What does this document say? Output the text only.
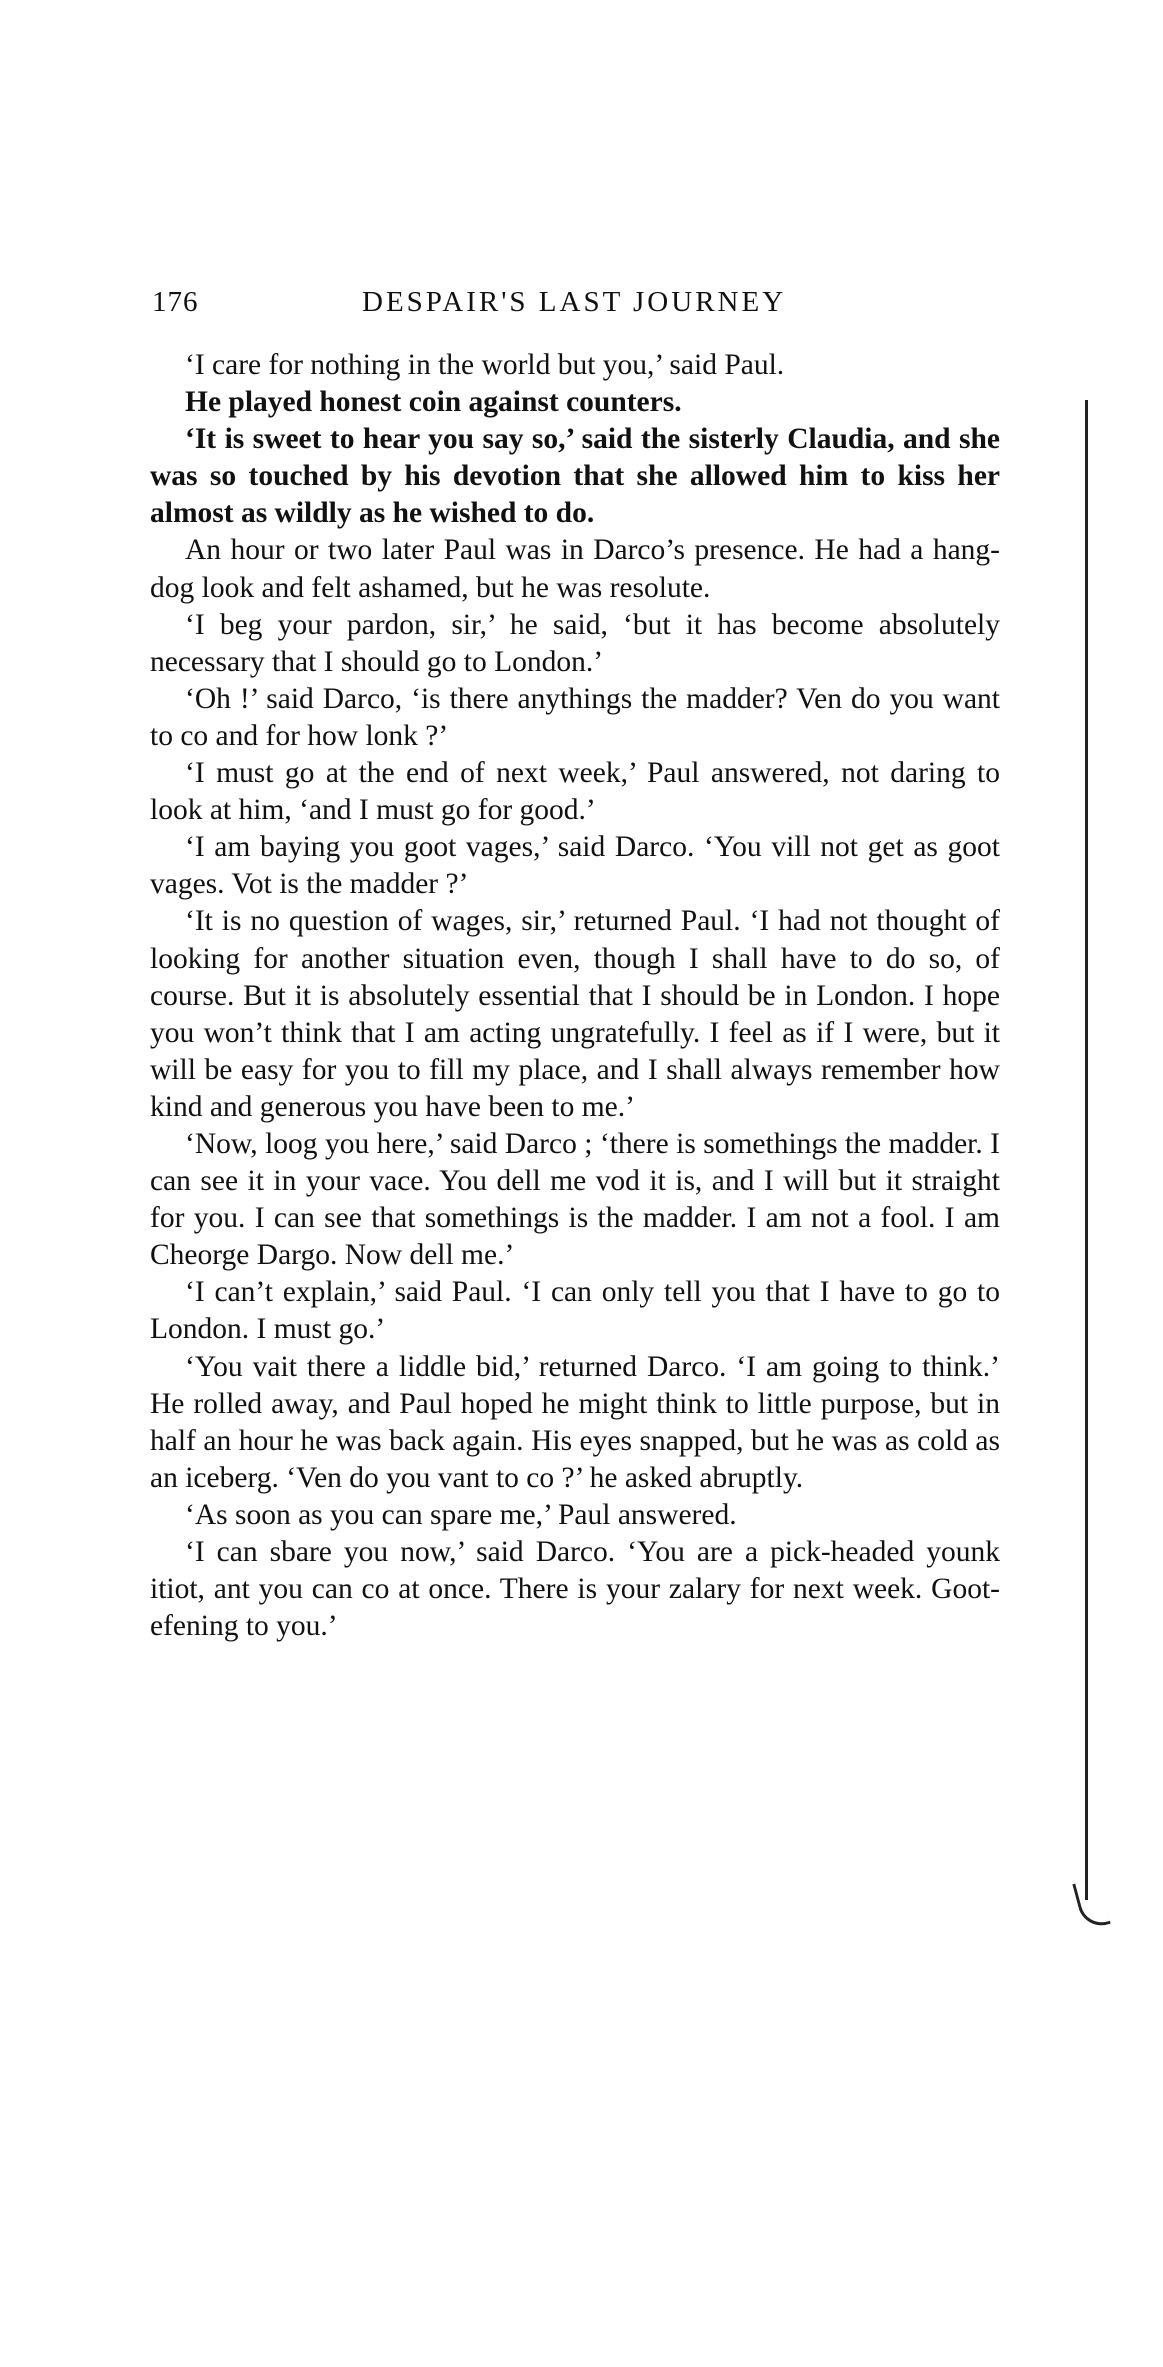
176	DESPAIR'S LAST JOURNEY

‘I care for nothing in the world but you,’ said Paul.

He played honest coin against counters.

‘It is sweet to hear you say so,’ said the sisterly Claudia, and she was so touched by his devotion that she allowed him to kiss her almost as wildly as he wished to do.

An hour or two later Paul was in Darco’s presence. He had a hang-dog look and felt ashamed, but he was resolute.

‘I beg your pardon, sir,’ he said, ‘but it has become absolutely necessary that I should go to London.’

‘Oh !’ said Darco, ‘is there anythings the madder? Ven do you want to co and for how lonk ?’

‘I must go at the end of next week,’ Paul answered, not daring to look at him, ‘and I must go for good.’

‘I am baying you goot vages,’ said Darco. ‘You vill not get as goot vages. Vot is the madder ?’

‘It is no question of wages, sir,’ returned Paul. ‘I had not thought of looking for another situation even, though I shall have to do so, of course. But it is absolutely essential that I should be in London. I hope you won’t think that I am acting ungratefully. I feel as if I were, but it will be easy for you to fill my place, and I shall always remember how kind and generous you have been to me.’

‘Now, loog you here,’ said Darco ; ‘there is somethings the madder. I can see it in your vace. You dell me vod it is, and I will but it straight for you. I can see that somethings is the madder. I am not a fool. I am Cheorge Dargo. Now dell me.’

‘I can’t explain,’ said Paul. ‘I can only tell you that I have to go to London. I must go.’

‘You vait there a liddle bid,’ returned Darco. ‘I am going to think.’ He rolled away, and Paul hoped he might think to little purpose, but in half an hour he was back again. His eyes snapped, but he was as cold as an iceberg. ‘Ven do you vant to co ?’ he asked abruptly.

‘As soon as you can spare me,’ Paul answered.

‘I can sbare you now,’ said Darco. ‘You are a pick-headed younk itiot, ant you can co at once. There is your zalary for next week. Goot-efening to you.’
